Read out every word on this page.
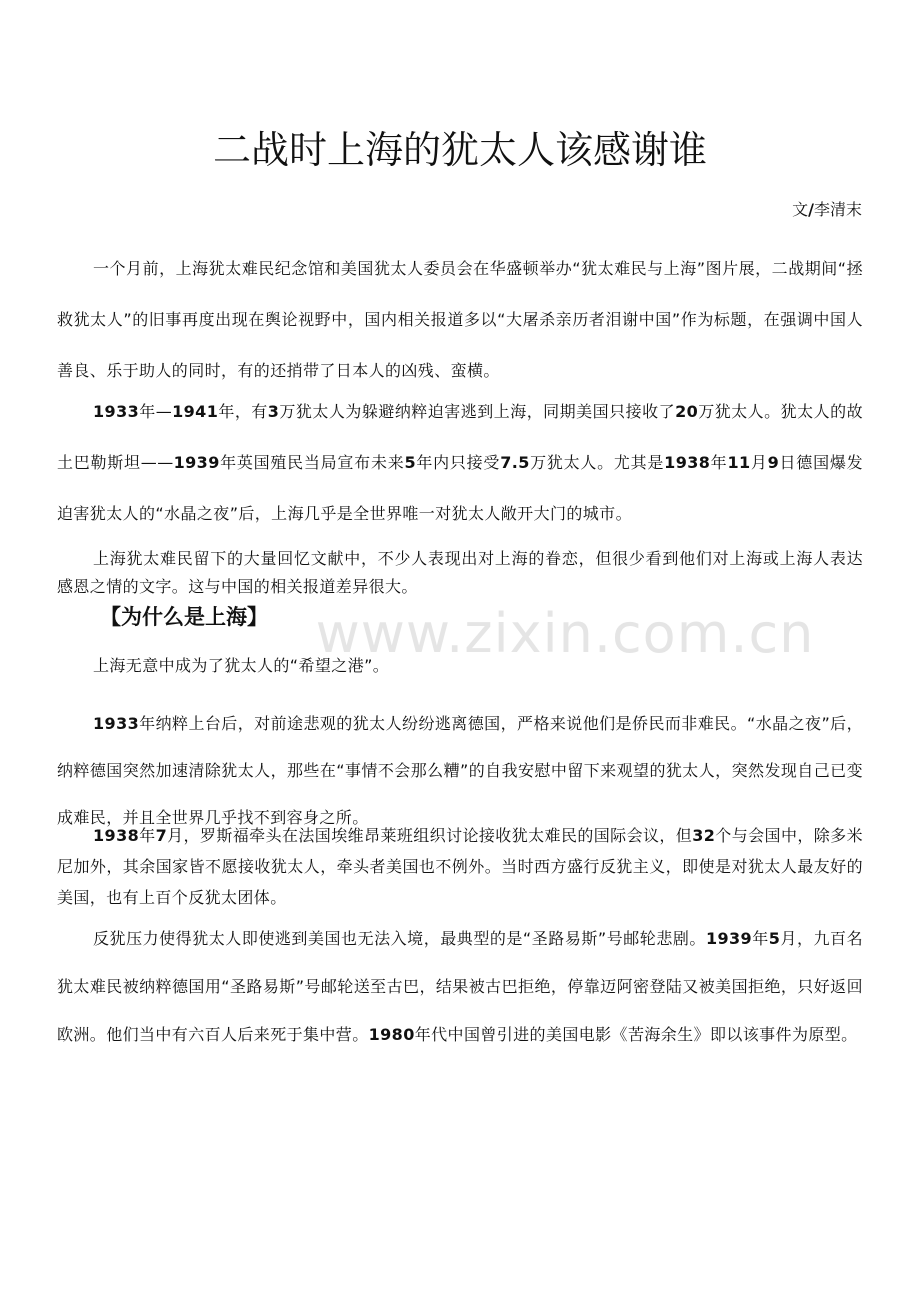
二战时上海的犹太人该感谢谁
文/李清末

一个月前，上海犹太难民纪念馆和美国犹太人委员会在华盛顿举办“犹太难民与上海”图片展，二战期间“拯救犹太人”的旧事再度出现在舆论视野中，国内相关报道多以“大屠杀亲历者泪谢中国”作为标题，在强调中国人善良、乐于助人的同时，有的还捎带了日本人的凶残、蛮横。

1933年—1941年，有3万犹太人为躲避纳粹迫害逃到上海，同期美国只接收了20万犹太人。犹太人的故土巴勒斯坦——1939年英国殖民当局宣布未来5年内只接受7.5万犹太人。尤其是1938年11月9日德国爆发迫害犹太人的“水晶之夜”后，上海几乎是全世界唯一对犹太人敞开大门的城市。

上海犹太难民留下的大量回忆文献中，不少人表现出对上海的眷恋，但很少看到他们对上海或上海人表达感恩之情的文字。这与中国的相关报道差异很大。

www.zixin.com.cn
【为什么是上海】

上海无意中成为了犹太人的“希望之港”。

1933年纳粹上台后，对前途悲观的犹太人纷纷逃离德国，严格来说他们是侨民而非难民。“水晶之夜”后，纳粹德国突然加速清除犹太人，那些在“事情不会那么糟”的自我安慰中留下来观望的犹太人，突然发现自己已变成难民，并且全世界几乎找不到容身之所。

1938年7月，罗斯福牵头在法国埃维昂莱班组织讨论接收犹太难民的国际会议，但32个与会国中，除多米尼加外，其余国家皆不愿接收犹太人，牵头者美国也不例外。当时西方盛行反犹主义，即使是对犹太人最友好的美国，也有上百个反犹太团体。

反犹压力使得犹太人即使逃到美国也无法入境，最典型的是“圣路易斯”号邮轮悲剧。1939年5月，九百名犹太难民被纳粹德国用“圣路易斯”号邮轮送至古巴，结果被古巴拒绝，停靠迈阿密登陆又被美国拒绝，只好返回欧洲。他们当中有六百人后来死于集中营。1980年代中国曾引进的美国电影《苦海余生》即以该事件为原型。
